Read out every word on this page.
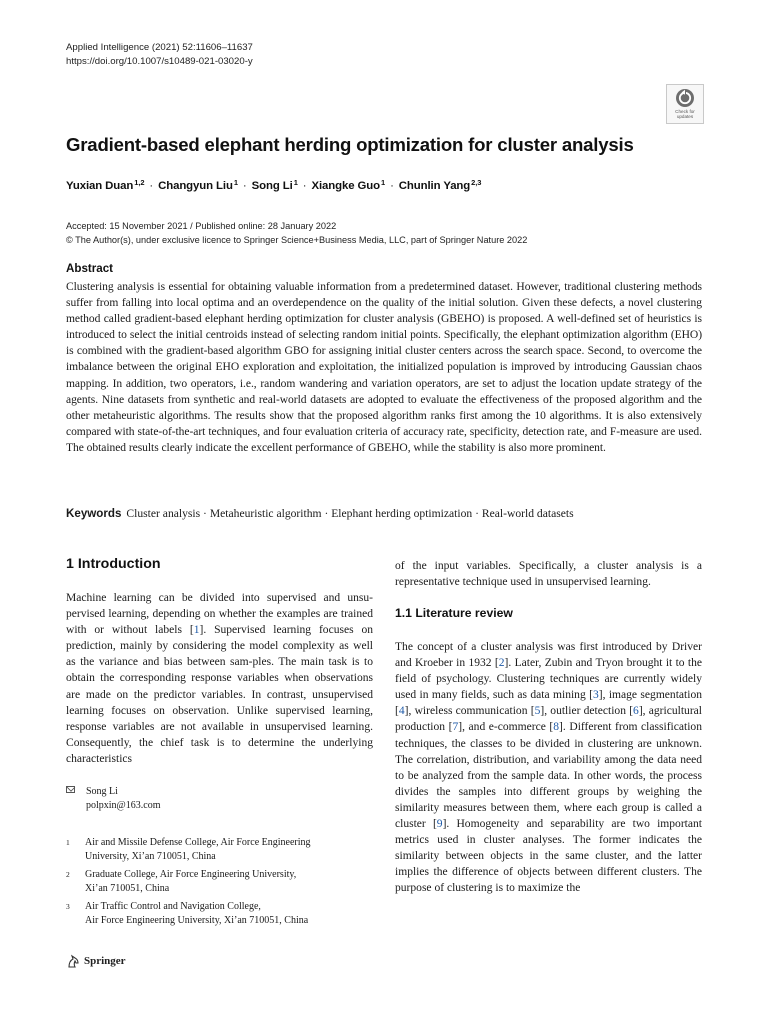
Applied Intelligence (2021) 52:11606–11637
https://doi.org/10.1007/s10489-021-03020-y
Check for
updates
Gradient-based elephant herding optimization for cluster analysis
Yuxian Duan$^{1,2}$ · Changyun Liu$^1$ · Song $Li^1$ · Xiangke Guo$^1$ · Chunlin Yang$^{2,3}$
Accepted: 15 November 2021 / Published online: 28 January 2022
© The Author(s), under exclusive licence to Springer Science+Business Media, LLC, part of Springer Nature 2022
Abstract
Clustering analysis is essential for obtaining valuable information from a predetermined dataset. However, traditional clustering methods suffer from falling into local optima and an overdependence on the quality of the initial solution. Given these defects, a novel clustering method called gradient-based elephant herding optimization for cluster analysis (GBEHO) is proposed. A well-defined set of heuristics is introduced to select the initial centroids instead of selecting random initial points. Specifically, the elephant optimization algorithm (EHO) is combined with the gradient-based algorithm GBO for assigning initial cluster centers across the search space. Second, to overcome the imbalance between the original EHO exploration and exploitation, the initialized population is improved by introducing Gaussian chaos mapping. In addition, two operators, i.e., random wandering and variation operators, are set to adjust the location update strategy of the agents. Nine datasets from synthetic and real-world datasets are adopted to evaluate the effectiveness of the proposed algorithm and the other metaheuristic algorithms. The results show that the proposed algorithm ranks first among the 10 algorithms. It is also extensively compared with state-of-the-art techniques, and four evaluation criteria of accuracy rate, specificity, detection rate, and F-measure are used. The obtained results clearly indicate the excellent performance of GBEHO, while the stability is also more prominent.
Keywords Cluster analysis · Metaheuristic algorithm · Elephant herding optimization · Real-world datasets
1 Introduction
Machine learning can be divided into supervised and unsu-pervised learning, depending on whether the examples are trained with or without labels [1]. Supervised learning focuses on prediction, mainly by considering the model complexity as well as the variance and bias between sam-ples. The main task is to obtain the corresponding response variables when observations are made on the predictor variables. In contrast, unsupervised learning focuses on observation. Unlike supervised learning, response variables are not available in unsupervised learning. Consequently, the chief task is to determine the underlying characteristics
of the input variables. Specifically, a cluster analysis is a representative technique used in unsupervised learning.
1.1 Literature review
The concept of a cluster analysis was first introduced by Driver and Kroeber in 1932 [2]. Later, Zubin and Tryon brought it to the field of psychology. Clustering techniques are currently widely used in many fields, such as data mining [3], image segmentation [4], wireless communication [5], outlier detection [6], agricultural production [7], and e-commerce [8]. Different from classification techniques, the classes to be divided in clustering are unknown. The correlation, distribution, and variability among the data need to be analyzed from the sample data. In other words, the process divides the samples into different groups by weighing the similarity measures between them, where each group is called a cluster [9]. Homogeneity and separability are two important metrics used in cluster analyses. The former indicates the similarity between objects in the same cluster, and the latter implies the difference of objects between different clusters. The purpose of clustering is to maximize the
Song Li
polpxin@163.com
1 Air and Missile Defense College, Air Force Engineering
University, Xi’an 710051, China
2 Graduate College, Air Force Engineering University,
Xi’an 710051, China
3 Air Traffic Control and Navigation College,
Air Force Engineering University, Xi’an 710051, China
Springer
